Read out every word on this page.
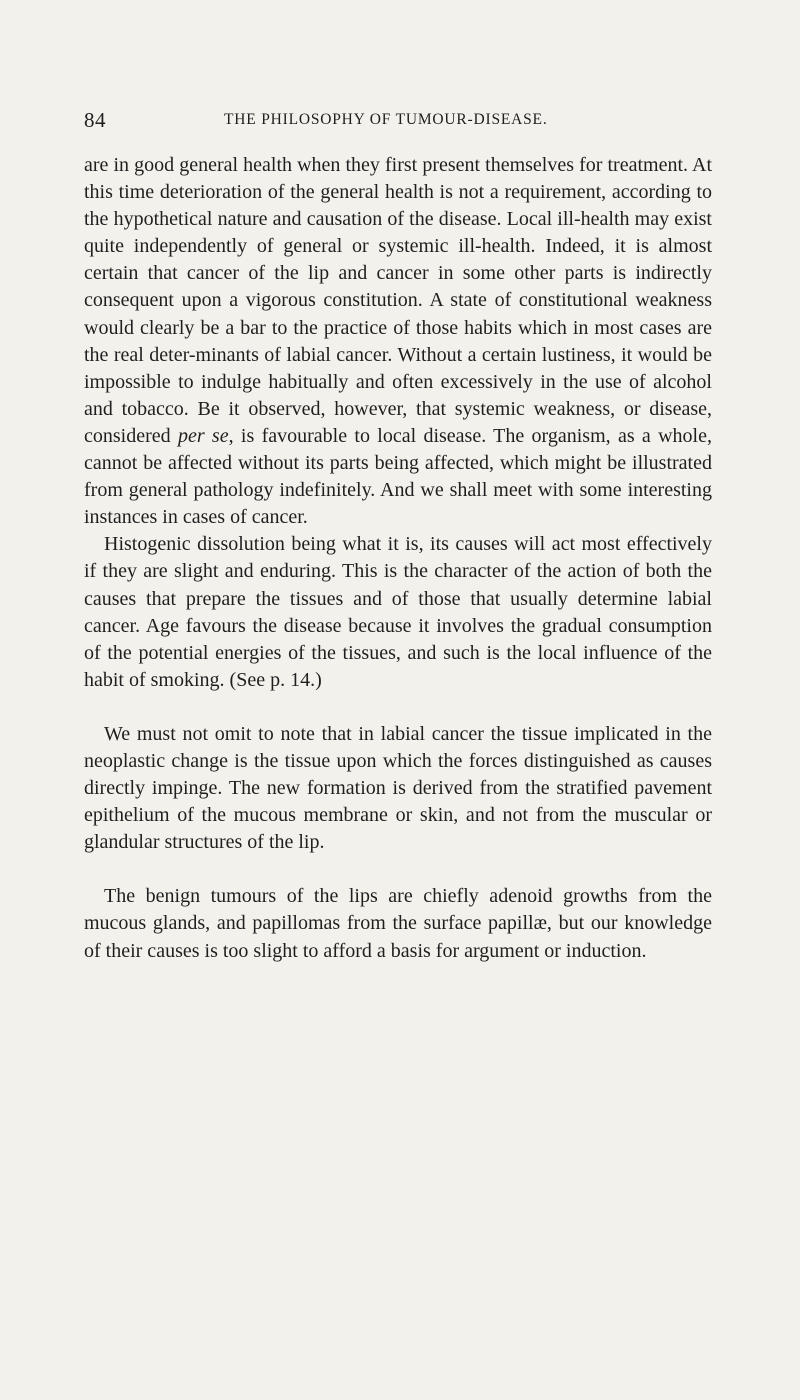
84	THE PHILOSOPHY OF TUMOUR-DISEASE.

are in good general health when they first present themselves for treatment. At this time deterioration of the general health is not a requirement, according to the hypothetical nature and causation of the disease. Local ill-health may exist quite independently of general or systemic ill-health. Indeed, it is almost certain that cancer of the lip and cancer in some other parts is indirectly consequent upon a vigorous constitution. A state of constitutional weakness would clearly be a bar to the practice of those habits which in most cases are the real deter-minants of labial cancer. Without a certain lustiness, it would be impossible to indulge habitually and often excessively in the use of alcohol and tobacco. Be it observed, however, that systemic weakness, or disease, considered per se, is favourable to local disease. The organism, as a whole, cannot be affected without its parts being affected, which might be illustrated from general pathology indefinitely. And we shall meet with some interesting instances in cases of cancer.

Histogenic dissolution being what it is, its causes will act most effectively if they are slight and enduring. This is the character of the action of both the causes that prepare the tissues and of those that usually determine labial cancer. Age favours the disease because it involves the gradual consumption of the potential energies of the tissues, and such is the local influence of the habit of smoking. (See p. 14.)

We must not omit to note that in labial cancer the tissue implicated in the neoplastic change is the tissue upon which the forces distinguished as causes directly impinge. The new formation is derived from the stratified pavement epithelium of the mucous membrane or skin, and not from the muscular or glandular structures of the lip.

The benign tumours of the lips are chiefly adenoid growths from the mucous glands, and papillomas from the surface papillæ, but our knowledge of their causes is too slight to afford a basis for argument or induction.
